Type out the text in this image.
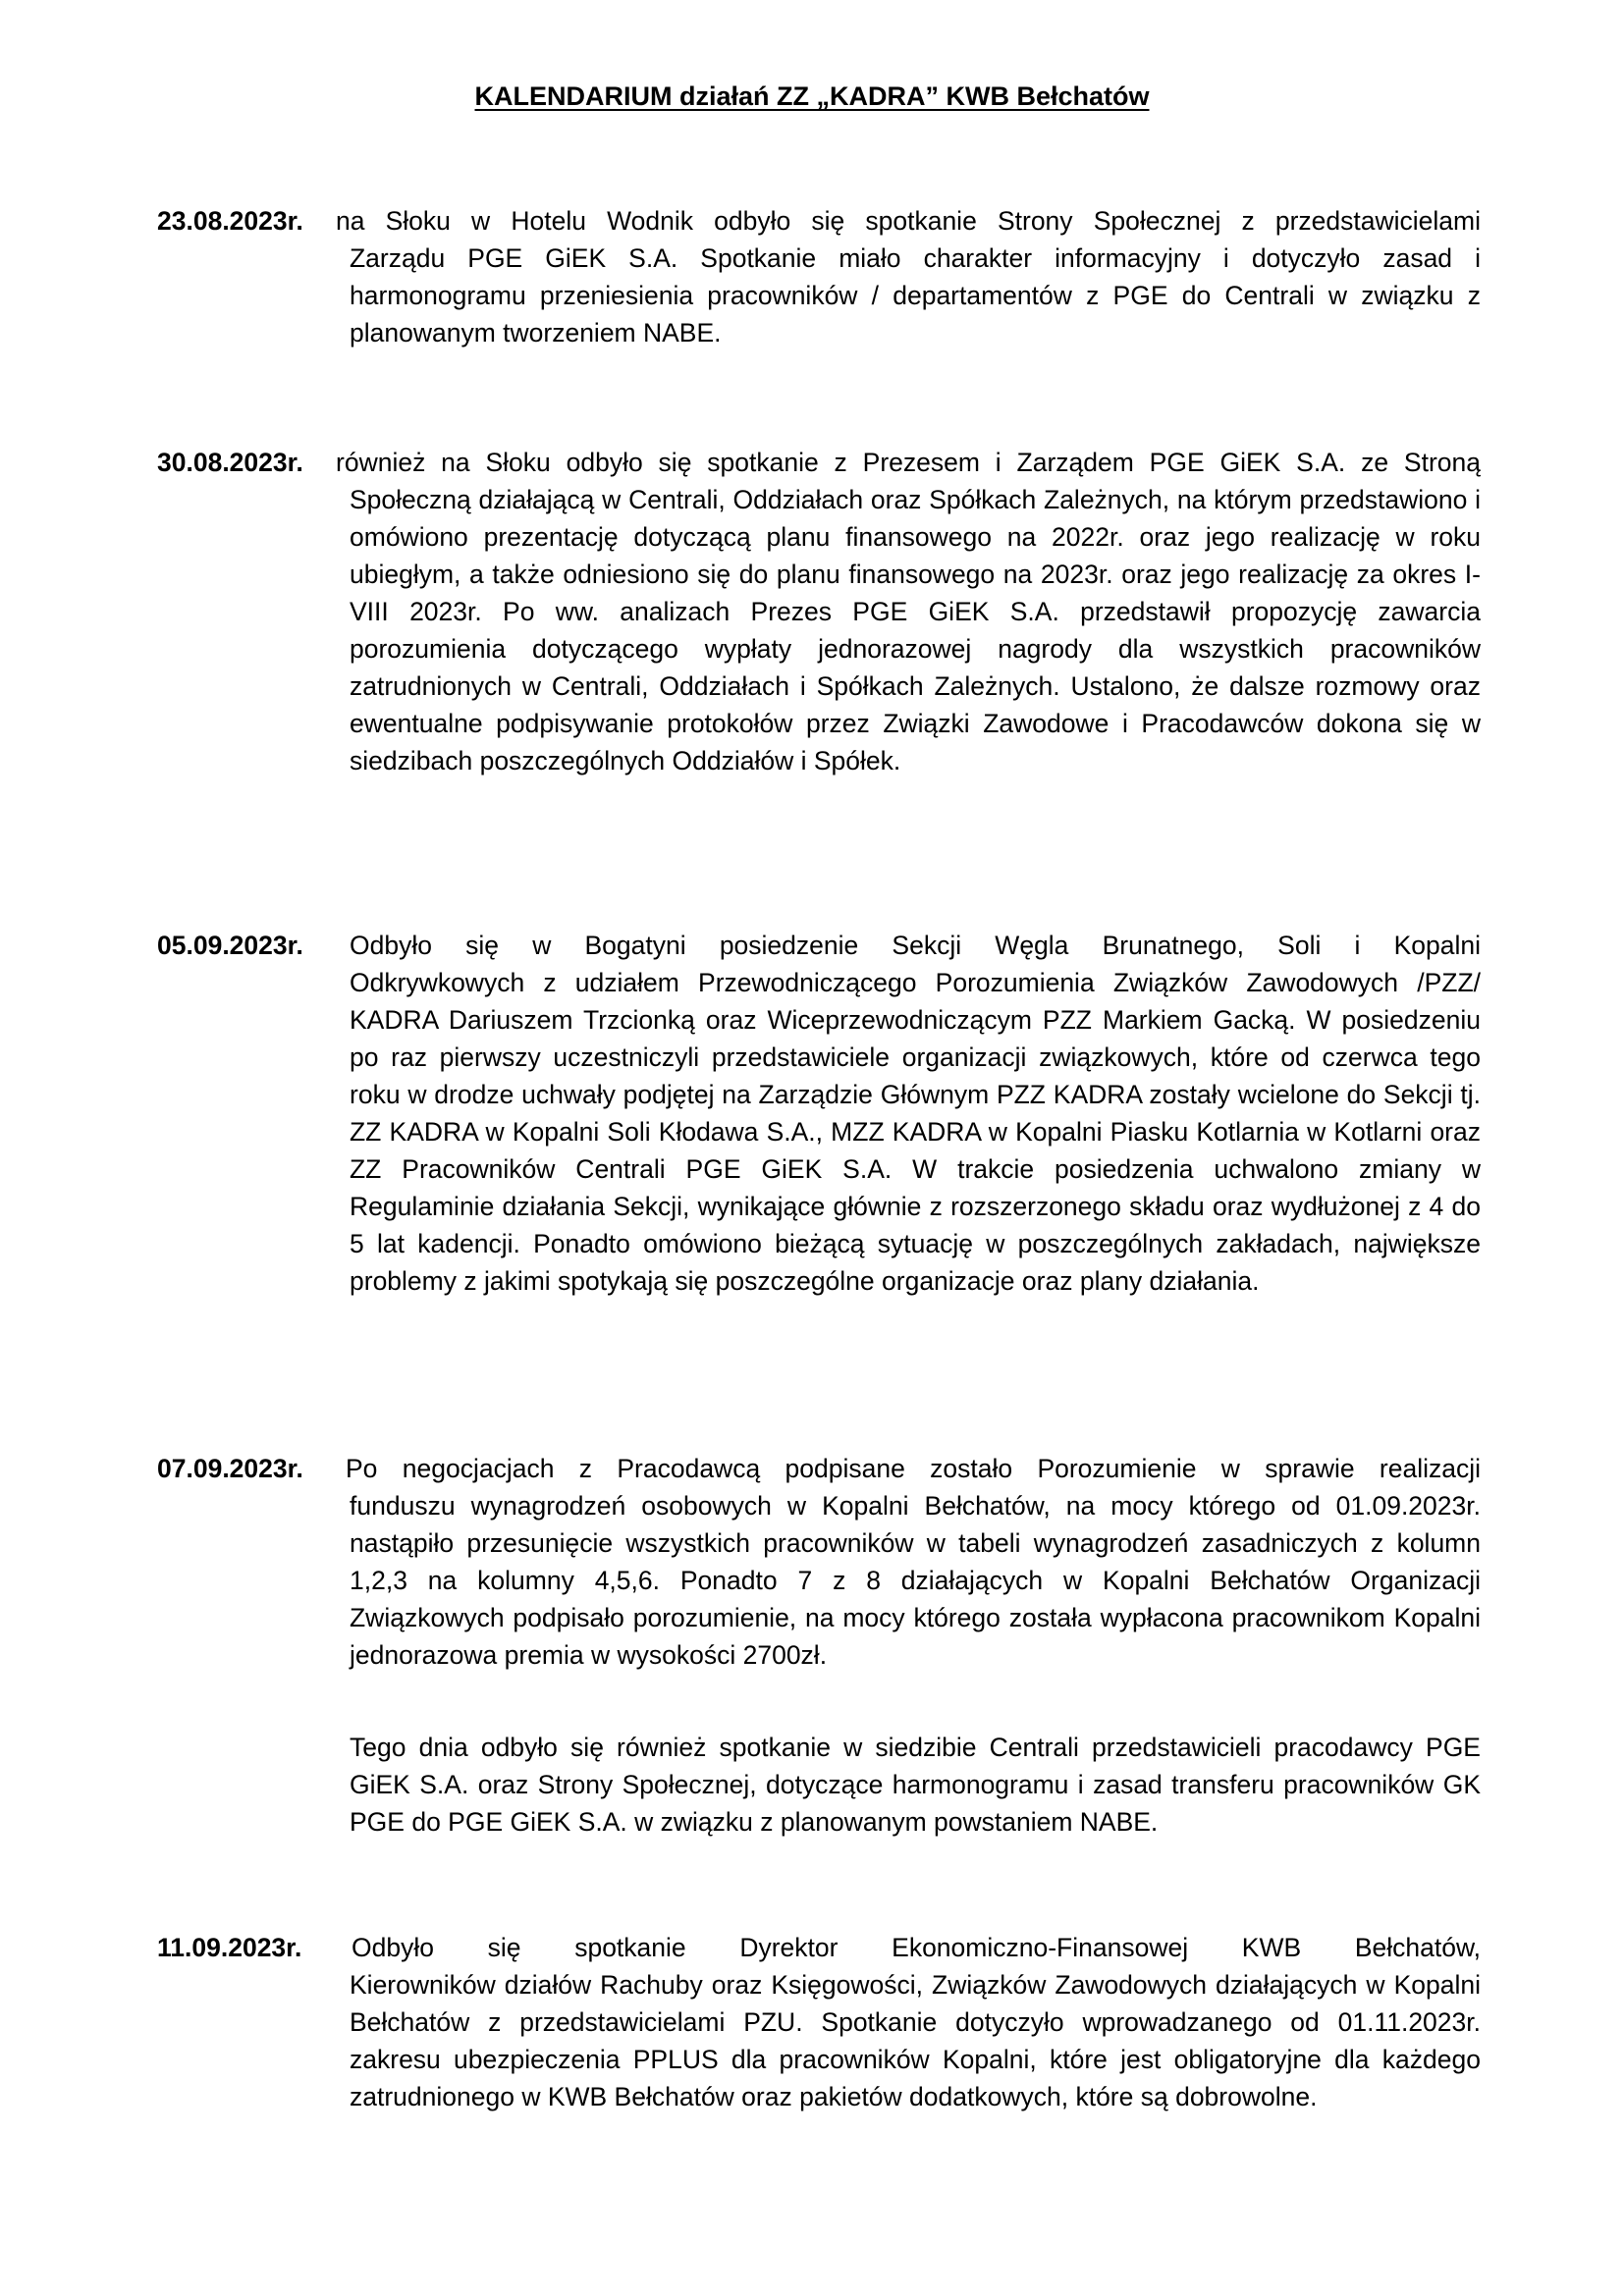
KALENDARIUM działań ZZ „KADRA” KWB Bełchatów
23.08.2023r. na Słoku w Hotelu Wodnik odbyło się spotkanie Strony Społecznej z przedstawicielami
Zarządu PGE GiEK S.A. Spotkanie miało charakter informacyjny i dotyczyło zasad i harmonogramu przeniesienia pracowników / departamentów z PGE do Centrali w związku z planowanym tworzeniem NABE.
30.08.2023r. również na Słoku odbyło się spotkanie z Prezesem i Zarządem PGE GiEK S.A. ze Stroną
Społeczną działającą w Centrali, Oddziałach oraz Spółkach Zależnych, na którym przedstawiono i omówiono prezentację dotyczącą planu finansowego na 2022r. oraz jego realizację w roku ubiegłym, a także odniesiono się do planu finansowego na 2023r. oraz jego realizację za okres I-VIII 2023r. Po ww. analizach Prezes PGE GiEK S.A. przedstawił propozycję zawarcia porozumienia dotyczącego wypłaty jednorazowej nagrody dla wszystkich pracowników zatrudnionych w Centrali, Oddziałach i Spółkach Zależnych. Ustalono, że dalsze rozmowy oraz ewentualne podpisywanie protokołów przez Związki Zawodowe i Pracodawców dokona się w siedzibach poszczególnych Oddziałów i Spółek.
05.09.2023r. Odbyło się w Bogatyni posiedzenie Sekcji Węgla Brunatnego, Soli i Kopalni
Odkrywkowych z udziałem Przewodniczącego Porozumienia Związków Zawodowych /PZZ/ KADRA Dariuszem Trzcionką oraz Wiceprzewodniczącym PZZ Markiem Gacką. W posiedzeniu po raz pierwszy uczestniczyli przedstawiciele organizacji związkowych, które od czerwca tego roku w drodze uchwały podjętej na Zarządzie Głównym PZZ KADRA zostały wcielone do Sekcji tj. ZZ KADRA w Kopalni Soli Kłodawa S.A., MZZ KADRA w Kopalni Piasku Kotlarnia w Kotlarni oraz ZZ Pracowników Centrali PGE GiEK S.A. W trakcie posiedzenia uchwalono zmiany w Regulaminie działania Sekcji, wynikające głównie z rozszerzonego składu oraz wydłużonej z 4 do 5 lat kadencji. Ponadto omówiono bieżącą sytuację w poszczególnych zakładach, największe problemy z jakimi spotykają się poszczególne organizacje oraz plany działania.
07.09.2023r. Po negocjacjach z Pracodawcą podpisane zostało Porozumienie w sprawie realizacji
funduszu wynagrodzeń osobowych w Kopalni Bełchatów, na mocy którego od 01.09.2023r. nastąpiło przesunięcie wszystkich pracowników w tabeli wynagrodzeń zasadniczych z kolumn 1,2,3 na kolumny 4,5,6. Ponadto 7 z 8 działających w Kopalni Bełchatów Organizacji Związkowych podpisało porozumienie, na mocy którego została wypłacona pracownikom Kopalni jednorazowa premia w wysokości 2700zł.
Tego dnia odbyło się również spotkanie w siedzibie Centrali przedstawicieli pracodawcy PGE GiEK S.A. oraz Strony Społecznej, dotyczące harmonogramu i zasad transferu pracowników GK PGE do PGE GiEK S.A. w związku z planowanym powstaniem NABE.
11.09.2023r. Odbyło się spotkanie Dyrektor Ekonomiczno-Finansowej KWB Bełchatów,
Kierowników działów Rachuby oraz Księgowości, Związków Zawodowych działających w Kopalni Bełchatów z przedstawicielami PZU. Spotkanie dotyczyło wprowadzanego od 01.11.2023r. zakresu ubezpieczenia PPLUS dla pracowników Kopalni, które jest obligatoryjne dla każdego zatrudnionego w KWB Bełchatów oraz pakietów dodatkowych, które są dobrowolne.
